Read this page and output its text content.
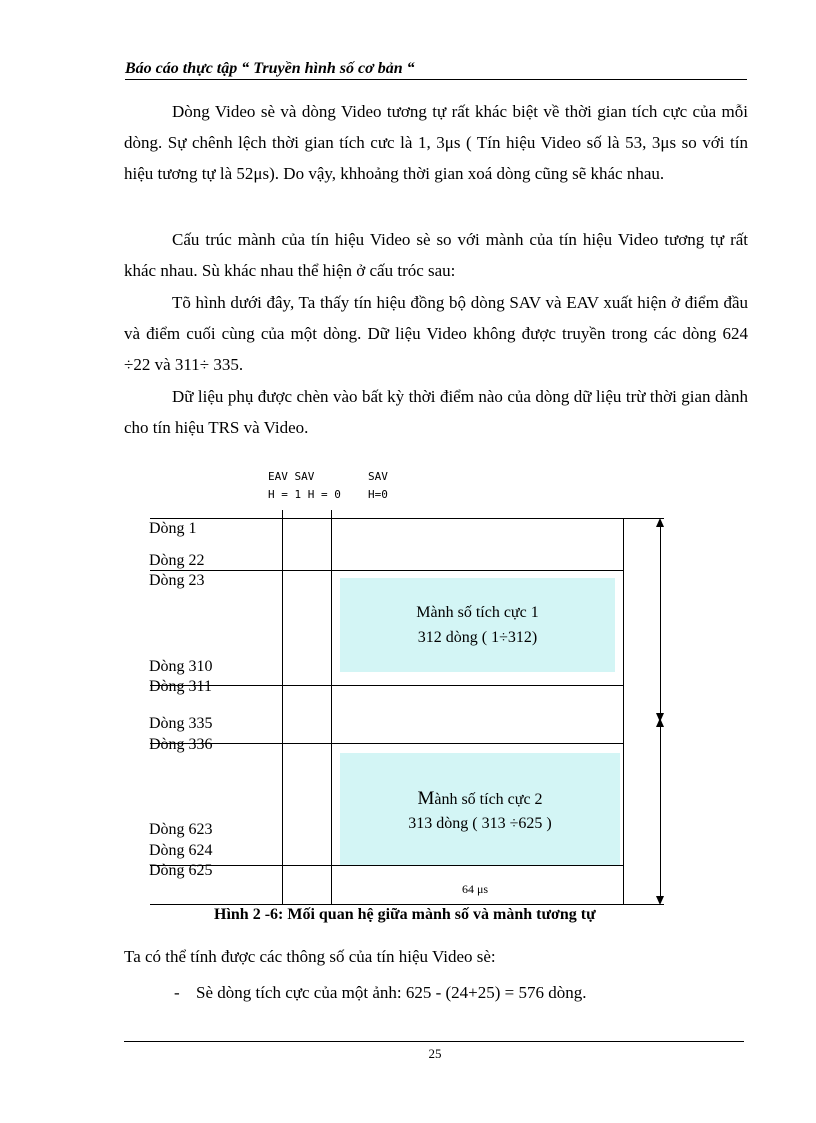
Báo cáo thực tập “ Truyền hình số cơ bản “

Dòng Video sè và dòng Video tương tự rất khác biệt về thời gian tích cực của mỗi dòng. Sự chênh lệch thời gian tích cưc là 1, 3μs ( Tín hiệu Video số là 53, 3μs so với tín hiệu tương tự là 52μs). Do vậy, khhoảng thời gian xoá dòng cũng sẽ khác nhau.

Cấu trúc mành của tín hiệu Video sè so với mành của tín hiệu Video tương tự rất khác nhau. Sù khác nhau thể hiện ở cấu tróc sau:

Tõ hình dưới đây, Ta thấy tín hiệu đồng bộ dòng SAV và EAV xuất hiện ở điểm đầu và điểm cuối cùng của một dòng. Dữ liệu Video không được truyền trong các dòng 624 ÷22 và 311÷ 335.

Dữ liệu phụ được chèn vào bất kỳ thời điểm nào của dòng dữ liệu trừ thời gian dành cho tín hiệu TRS và Video.

EAV SAV
H = 1 H = 0
SAV
H=0
Dòng 1
Dòng 22
Dòng 23
Dòng 310
Dòng 311
Dòng 335
Dòng 336
Dòng 623
Dòng 624
Dòng 625
Mành số tích cực 1
312 dòng ( 1÷312)
Mành số tích cực 2
313 dòng ( 313 ÷625 )
64 μs
Hình 2 -6: Mối quan hệ giữa mành số và mành tương tự

Ta có thể tính được các thông số của tín hiệu Video sè:

- Sè dòng tích cực của một ảnh: 625 - (24+25) = 576 dòng.
25
